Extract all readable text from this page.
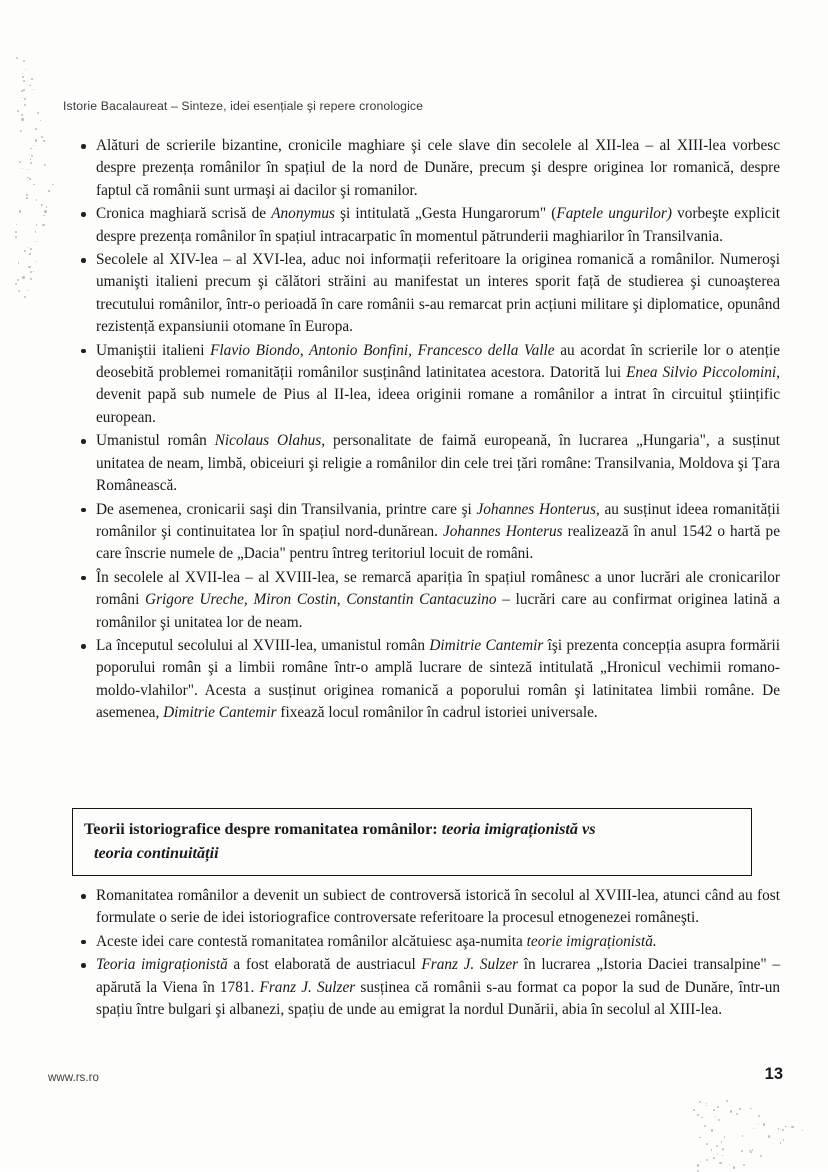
Istorie Bacalaureat – Sinteze, idei esențiale şi repere cronologice
Alături de scrierile bizantine, cronicile maghiare şi cele slave din secolele al XII-lea – al XIII-lea vorbesc despre prezența românilor în spațiul de la nord de Dunăre, precum şi despre originea lor romanică, despre faptul că românii sunt urmaşi ai dacilor şi romanilor.
Cronica maghiară scrisă de Anonymus şi intitulată „Gesta Hungarorum" (Faptele ungurilor) vorbeşte explicit despre prezența românilor în spațiul intracarpatic în momentul pătrunderii maghiarilor în Transilvania.
Secolele al XIV-lea – al XVI-lea, aduc noi informații referitoare la originea romanică a românilor. Numeroşi umanişti italieni precum şi călători străini au manifestat un interes sporit față de studierea şi cunoaşterea trecutului românilor, într-o perioadă în care românii s-au remarcat prin acțiuni militare şi diplomatice, opunând rezistență expansiunii otomane în Europa.
Umaniştii italieni Flavio Biondo, Antonio Bonfini, Francesco della Valle au acordat în scrierile lor o atenție deosebită problemei romanității românilor susținând latinitatea acestora. Datorită lui Enea Silvio Piccolomini, devenit papă sub numele de Pius al II-lea, ideea originii romane a românilor a intrat în circuitul ştiințific european.
Umanistul român Nicolaus Olahus, personalitate de faimă europeană, în lucrarea „Hungaria", a susținut unitatea de neam, limbă, obiceiuri şi religie a românilor din cele trei țări române: Transilvania, Moldova şi Țara Românească.
De asemenea, cronicarii saşi din Transilvania, printre care şi Johannes Honterus, au susținut ideea romanității românilor şi continuitatea lor în spațiul nord-dunărean. Johannes Honterus realizează în anul 1542 o hartă pe care înscrie numele de „Dacia" pentru întreg teritoriul locuit de români.
În secolele al XVII-lea – al XVIII-lea, se remarcă apariția în spațiul românesc a unor lucrări ale cronicarilor români Grigore Ureche, Miron Costin, Constantin Cantacuzino – lucrări care au confirmat originea latină a românilor şi unitatea lor de neam.
La începutul secolului al XVIII-lea, umanistul român Dimitrie Cantemir îşi prezenta concepția asupra formării poporului român şi a limbii române într-o amplă lucrare de sinteză intitulată „Hronicul vechimii romano-moldo-vlahilor". Acesta a susținut originea romanică a poporului român şi latinitatea limbii române. De asemenea, Dimitrie Cantemir fixează locul românilor în cadrul istoriei universale.
Teorii istoriografice despre romanitatea românilor: teoria imigraționistă vs
teoria continuității
Romanitatea românilor a devenit un subiect de controversă istorică în secolul al XVIII-lea, atunci când au fost formulate o serie de idei istoriografice controversate referitoare la procesul etnogenezei româneşti.
Aceste idei care contestă romanitatea românilor alcătuiesc aşa-numita teorie imigraționistă.
Teoria imigraționistă a fost elaborată de austriacul Franz J. Sulzer în lucrarea „Istoria Daciei transalpine" – apărută la Viena în 1781. Franz J. Sulzer susținea că românii s-au format ca popor la sud de Dunăre, într-un spațiu între bulgari şi albanezi, spațiu de unde au emigrat la nordul Dunării, abia în secolul al XIII-lea.
www.rs.ro	13
